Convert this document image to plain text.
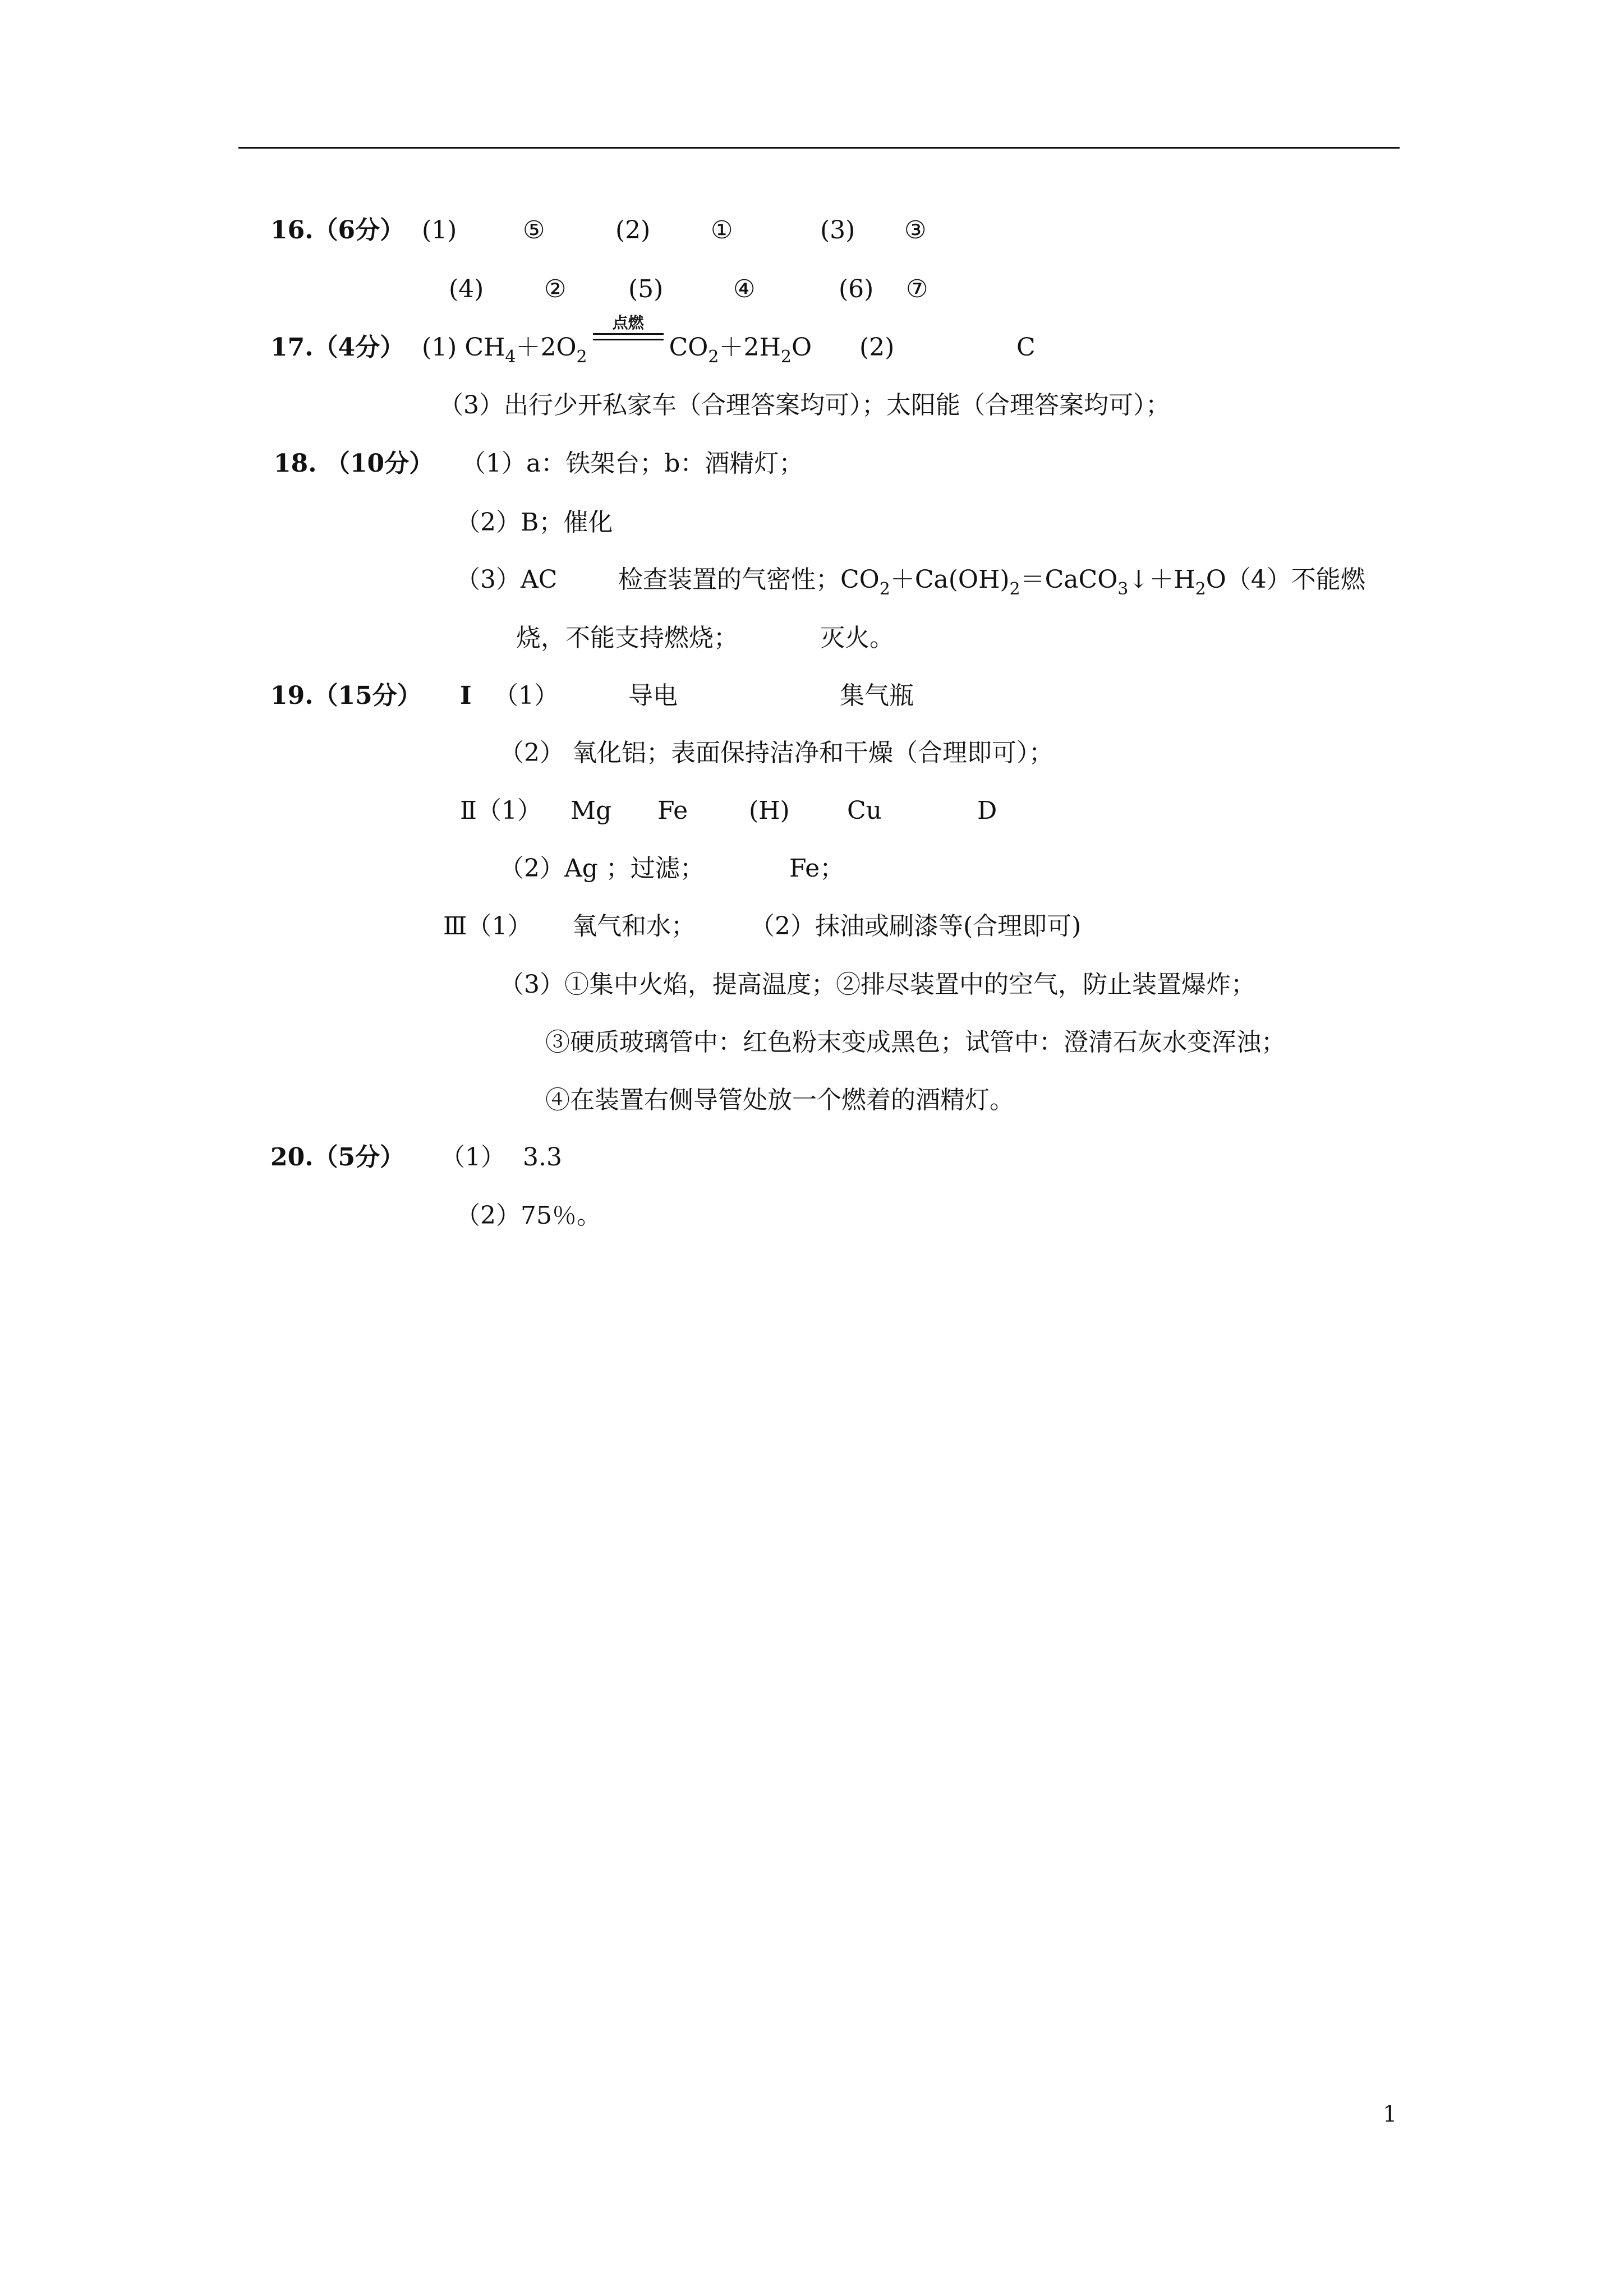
16.（6分） (1)	⑤	(2) ①	(3) ③
(4) ②	(5)	④	(6) ⑦
17.（4分） (1) $CH_4+2O_2$
点燃
$CO_2+2H_2O$ (2)	C
（3）出行少开私家车（合理答案均可）；太阳能（合理答案均可）；
18. （10分） （1）a：铁架台；b：酒精灯；
（2）B；催化
（3）AC 检查装置的气密性；$CO_2+Ca(OH)_2=CaCO_3↓+H_2O(4)$不能燃
烧，不能支持燃烧；	灭火。
19.（15分） Ⅰ （1）	导电	集气瓶
（2） 氧化铝；表面保持洁净和干燥（合理即可）；
Ⅱ（1） Mg Fe (H) Cu	D
（2）Ag ；过滤；	Fe；
Ⅲ（1） 氧气和水； （2）抹油或刷漆等(合理即可)
（3）①集中火焰，提高温度；②排尽装置中的空气，防止装置爆炸；
③硬质玻璃管中：红色粉末变成黑色；试管中：澄清石灰水变浑浊；
④在装置右侧导管处放一个燃着的酒精灯。
20.（5分） （1） 3.3
（2）75％。
1
